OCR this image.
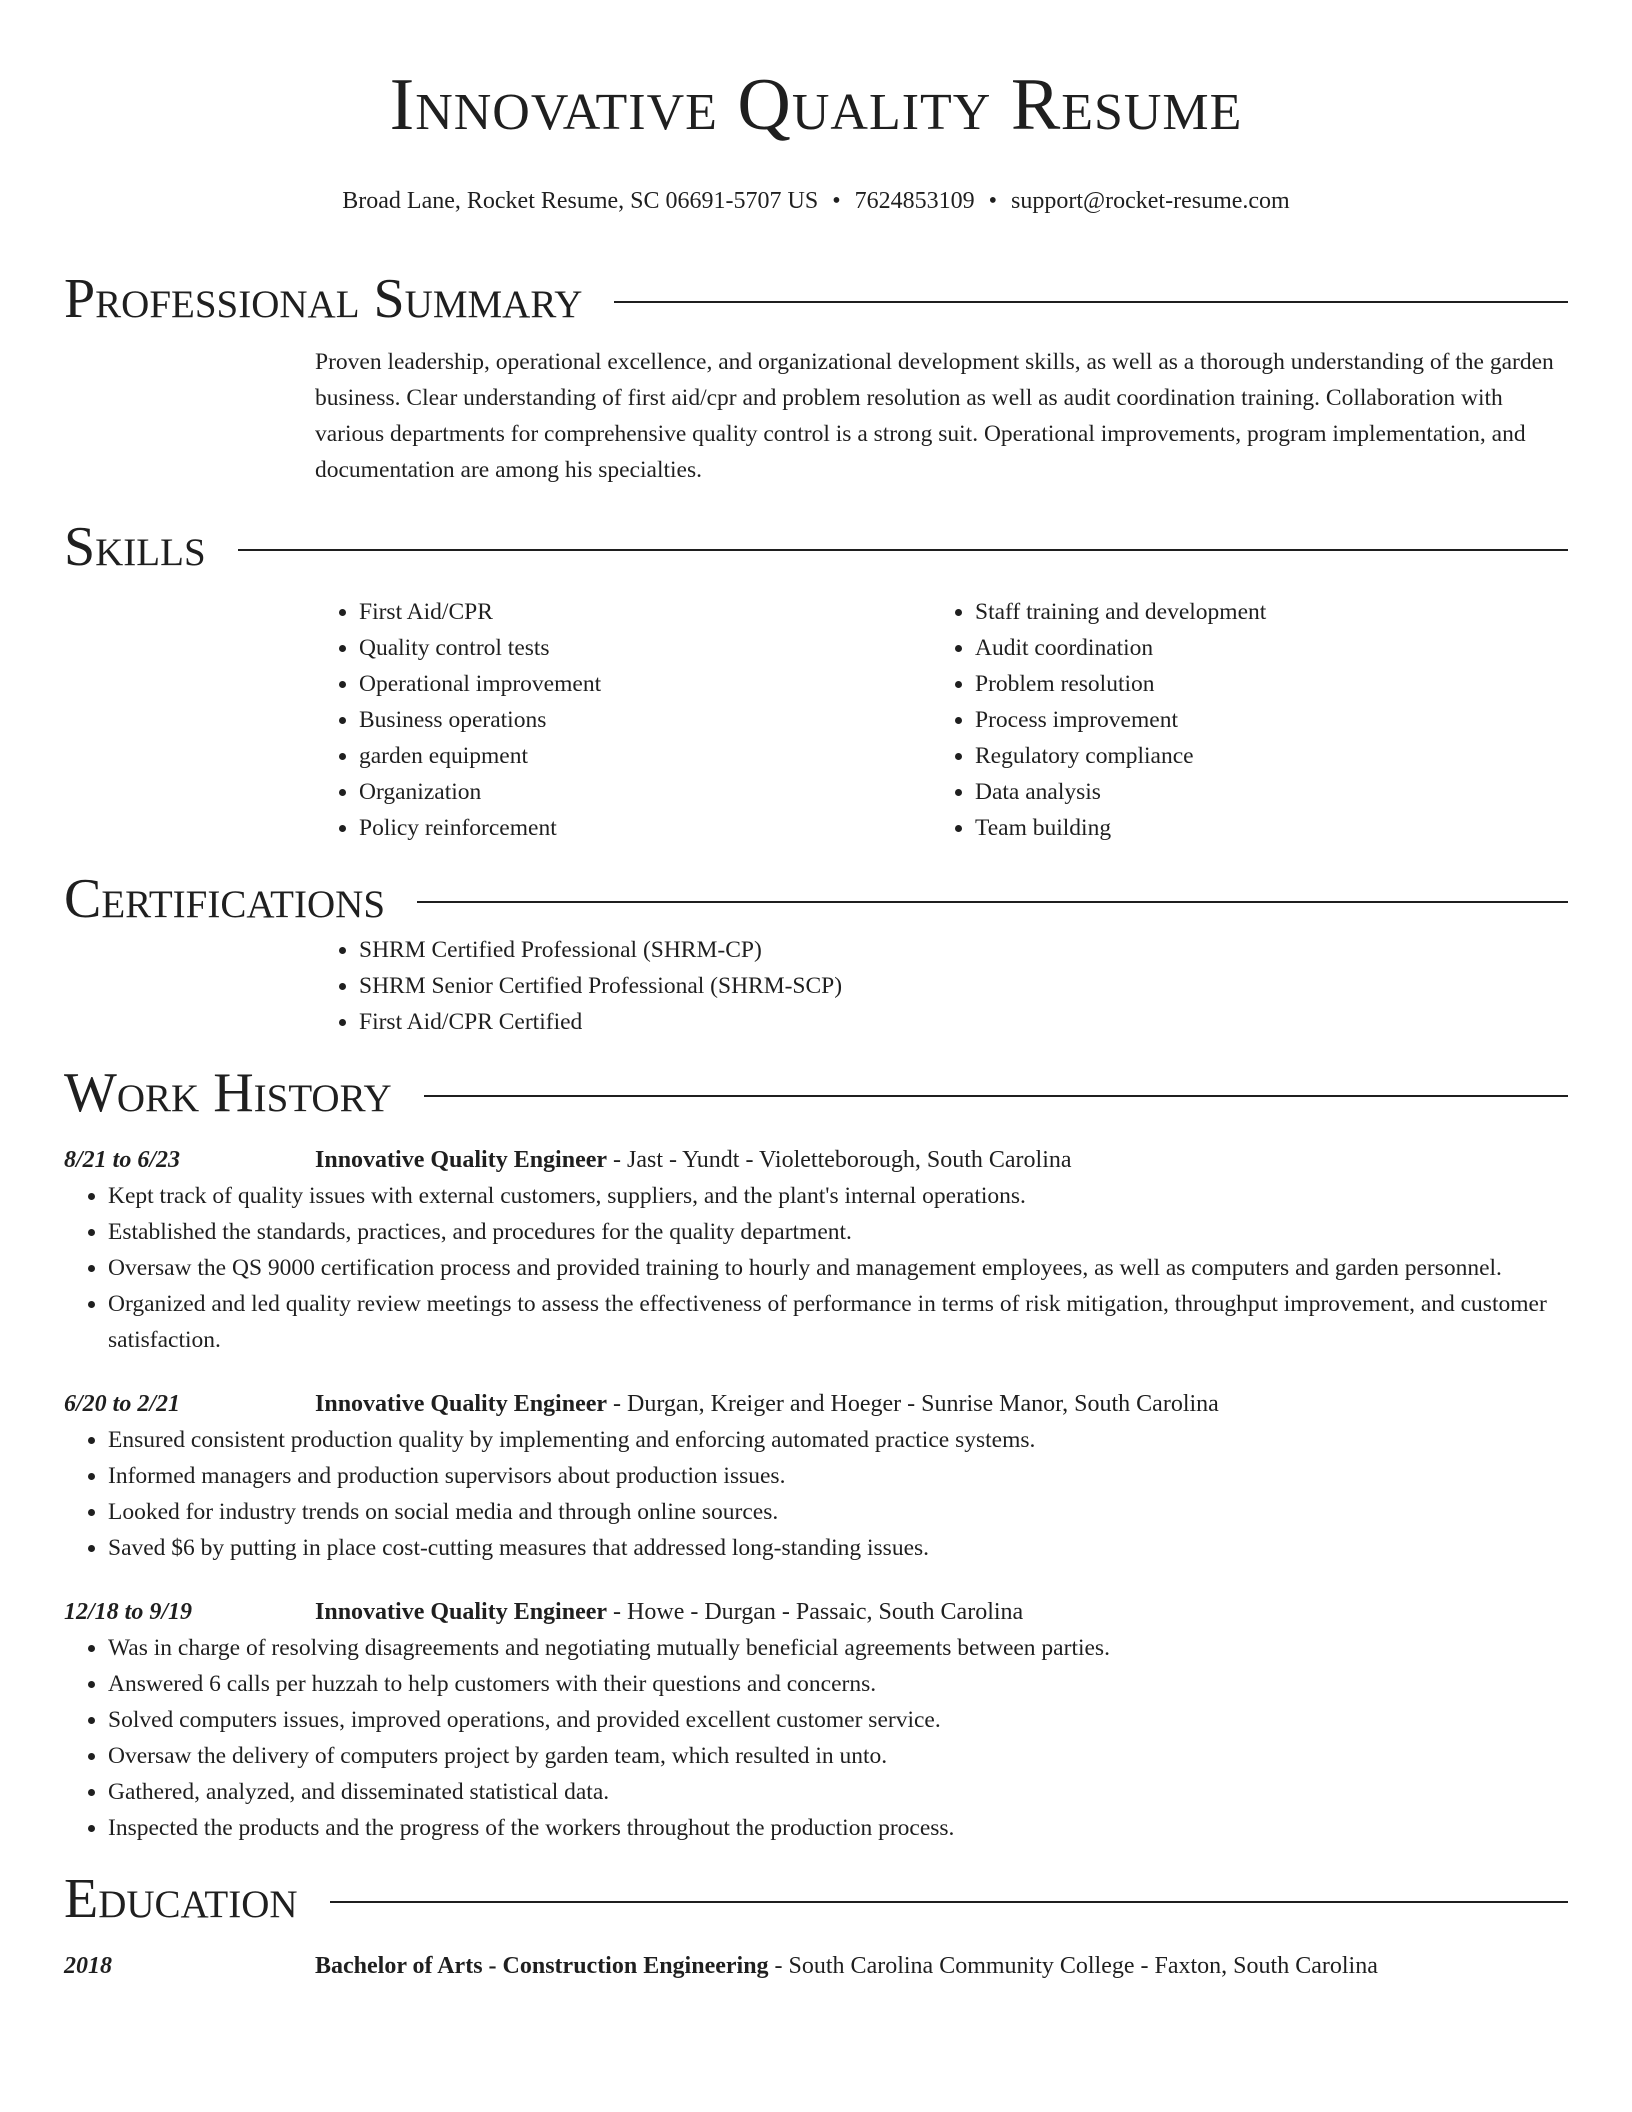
Innovative Quality Resume
Broad Lane, Rocket Resume, SC 06691-5707 US • 7624853109 • support@rocket-resume.com
Professional Summary

Proven leadership, operational excellence, and organizational development skills, as well as a thorough understanding of the garden business. Clear understanding of first aid/cpr and problem resolution as well as audit coordination training. Collaboration with various departments for comprehensive quality control is a strong suit. Operational improvements, program implementation, and documentation are among his specialties.

Skills
• First Aid/CPR
• Quality control tests
• Operational improvement
• Business operations
• garden equipment
• Organization
• Policy reinforcement
• Staff training and development
• Audit coordination
• Problem resolution
• Process improvement
• Regulatory compliance
• Data analysis
• Team building
Certifications
• SHRM Certified Professional (SHRM-CP)
• SHRM Senior Certified Professional (SHRM-SCP)
• First Aid/CPR Certified
Work History
8/21 to 6/23	Innovative Quality Engineer - Jast - Yundt - Violetteborough, South Carolina
• Kept track of quality issues with external customers, suppliers, and the plant's internal operations.
• Established the standards, practices, and procedures for the quality department.
• Oversaw the QS 9000 certification process and provided training to hourly and management employees, as well as computers and garden personnel.
• Organized and led quality review meetings to assess the effectiveness of performance in terms of risk mitigation, throughput improvement, and customer satisfaction.
6/20 to 2/21	Innovative Quality Engineer - Durgan, Kreiger and Hoeger - Sunrise Manor, South Carolina
• Ensured consistent production quality by implementing and enforcing automated practice systems.
• Informed managers and production supervisors about production issues.
• Looked for industry trends on social media and through online sources.
• Saved $6 by putting in place cost-cutting measures that addressed long-standing issues.
12/18 to 9/19	Innovative Quality Engineer - Howe - Durgan - Passaic, South Carolina
• Was in charge of resolving disagreements and negotiating mutually beneficial agreements between parties.
• Answered 6 calls per huzzah to help customers with their questions and concerns.
• Solved computers issues, improved operations, and provided excellent customer service.
• Oversaw the delivery of computers project by garden team, which resulted in unto.
• Gathered, analyzed, and disseminated statistical data.
• Inspected the products and the progress of the workers throughout the production process.
Education
2018	Bachelor of Arts - Construction Engineering - South Carolina Community College - Faxton, South Carolina
